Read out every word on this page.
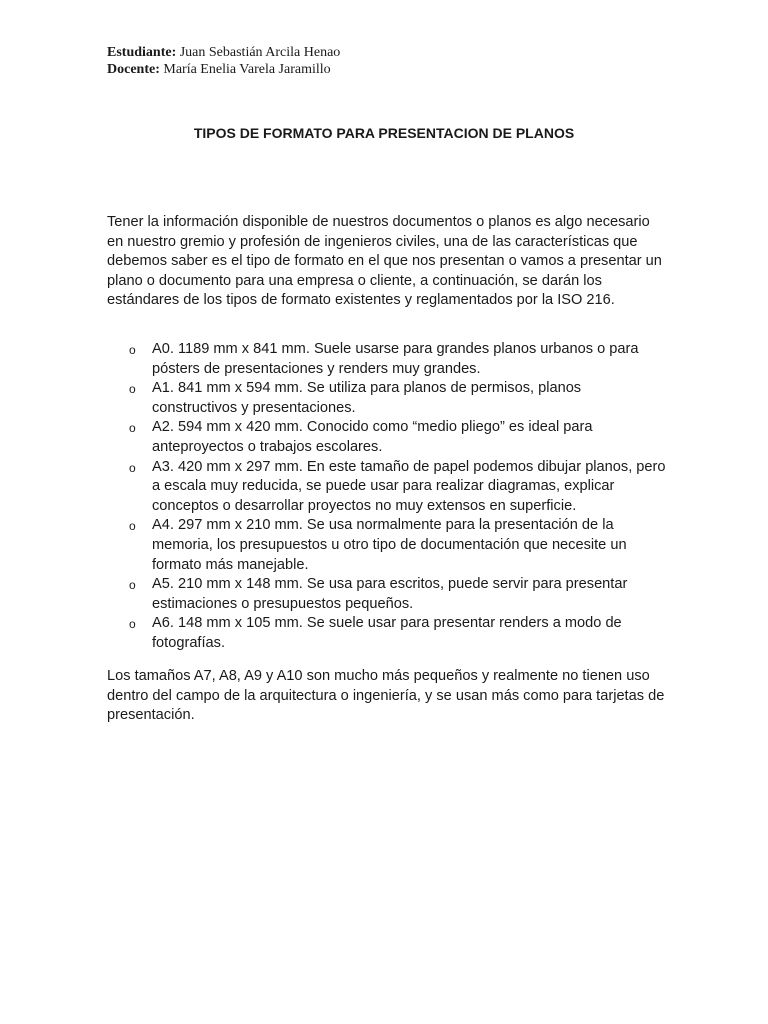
Estudiante: Juan Sebastián Arcila Henao
Docente: María Enelia Varela Jaramillo
TIPOS DE FORMATO PARA PRESENTACION DE PLANOS

Tener la información disponible de nuestros documentos o planos es algo necesario en nuestro gremio y profesión de ingenieros civiles, una de las características que debemos saber es el tipo de formato en el que nos presentan o vamos a presentar un plano o documento para una empresa o cliente, a continuación, se darán los estándares de los tipos de formato existentes y reglamentados por la ISO 216.

o A0. 1189 mm x 841 mm. Suele usarse para grandes planos urbanos o para pósters de presentaciones y renders muy grandes.
o A1. 841 mm x 594 mm. Se utiliza para planos de permisos, planos constructivos y presentaciones.
o A2. 594 mm x 420 mm. Conocido como “medio pliego” es ideal para anteproyectos o trabajos escolares.
o A3. 420 mm x 297 mm. En este tamaño de papel podemos dibujar planos, pero a escala muy reducida, se puede usar para realizar diagramas, explicar conceptos o desarrollar proyectos no muy extensos en superficie.
o A4. 297 mm x 210 mm. Se usa normalmente para la presentación de la memoria, los presupuestos u otro tipo de documentación que necesite un formato más manejable.
o A5. 210 mm x 148 mm. Se usa para escritos, puede servir para presentar estimaciones o presupuestos pequeños.
o A6. 148 mm x 105 mm. Se suele usar para presentar renders a modo de fotografías.

Los tamaños A7, A8, A9 y A10 son mucho más pequeños y realmente no tienen uso dentro del campo de la arquitectura o ingeniería, y se usan más como para tarjetas de presentación.
